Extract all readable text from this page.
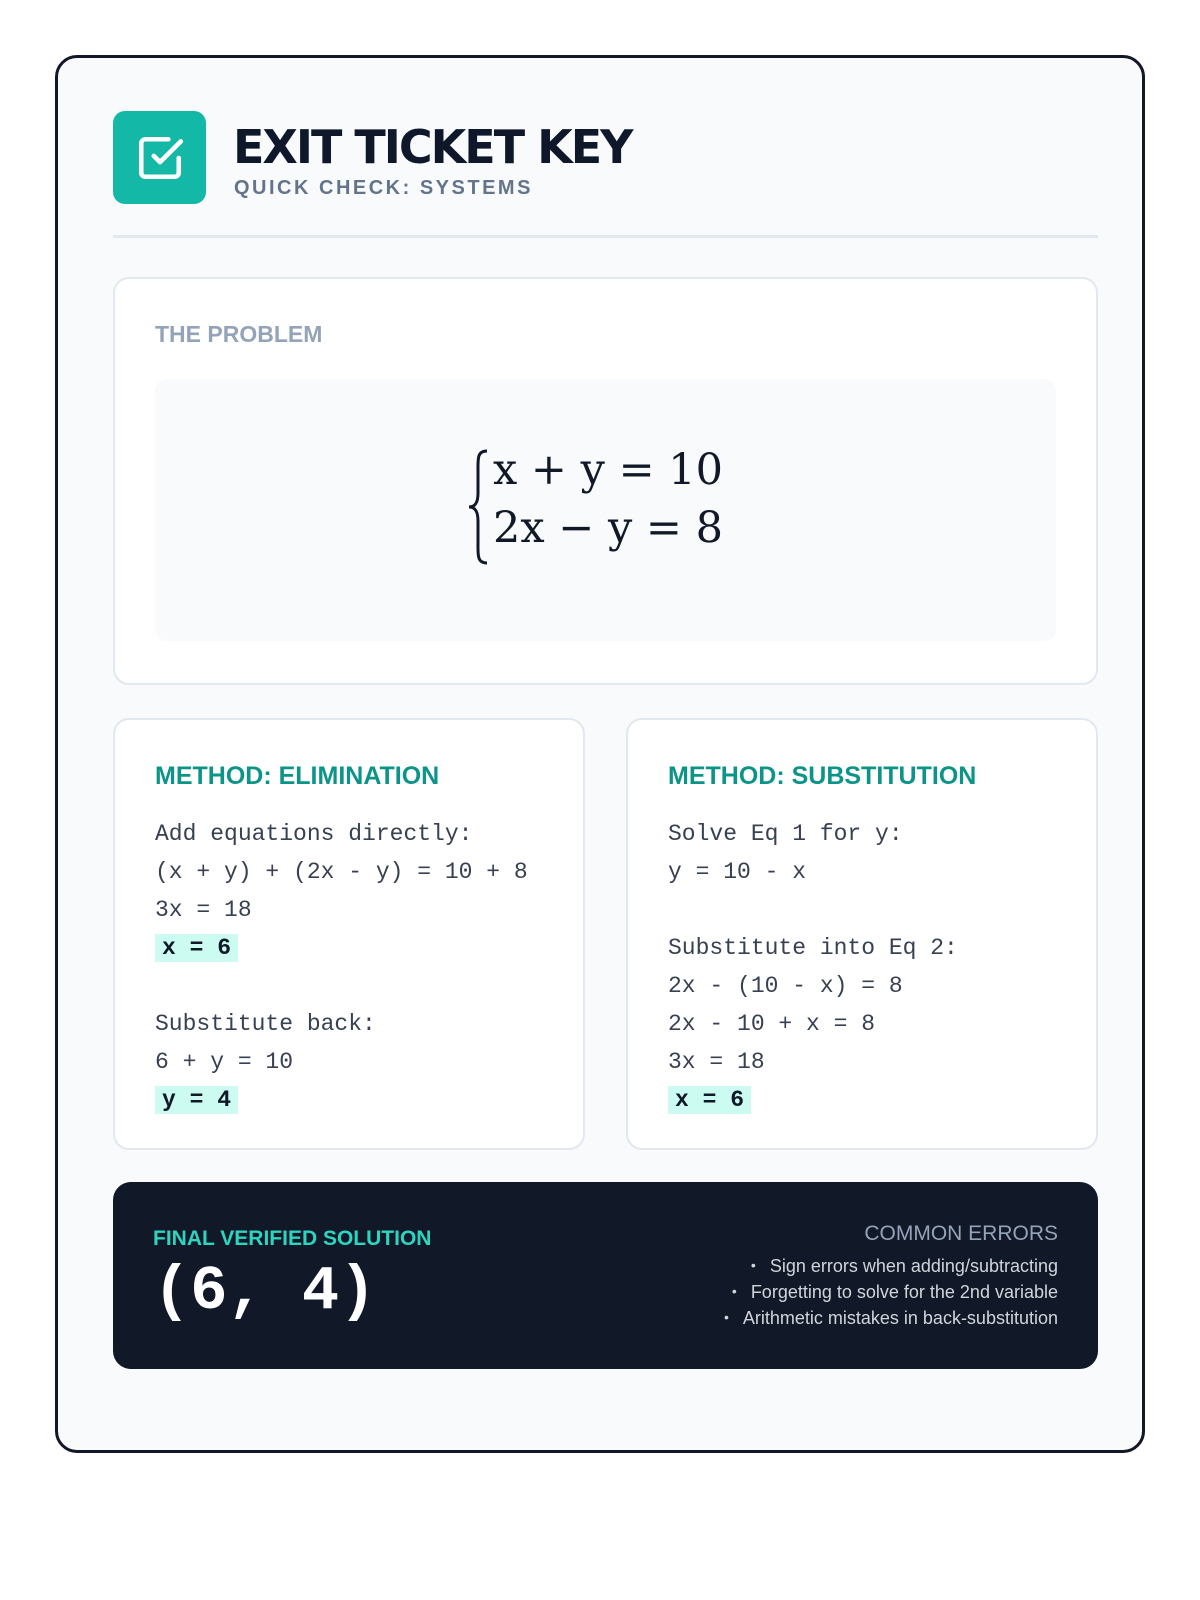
EXIT TICKET KEY
QUICK CHECK: SYSTEMS
THE PROBLEM
x + y = 10
2x − y = 8
METHOD: ELIMINATION
Add equations directly:
(x + y) + (2x - y) = 10 + 8
3x = 18
x = 6
Substitute back:
6 + y = 10
y = 4
METHOD: SUBSTITUTION
Solve Eq 1 for y:
y = 10 - x
Substitute into Eq 2:
2x - (10 - x) = 8
2x - 10 + x = 8
3x = 18
x = 6
FINAL VERIFIED SOLUTION
(6, 4)
COMMON ERRORS
• Sign errors when adding/subtracting
• Forgetting to solve for the 2nd variable
• Arithmetic mistakes in back-substitution
